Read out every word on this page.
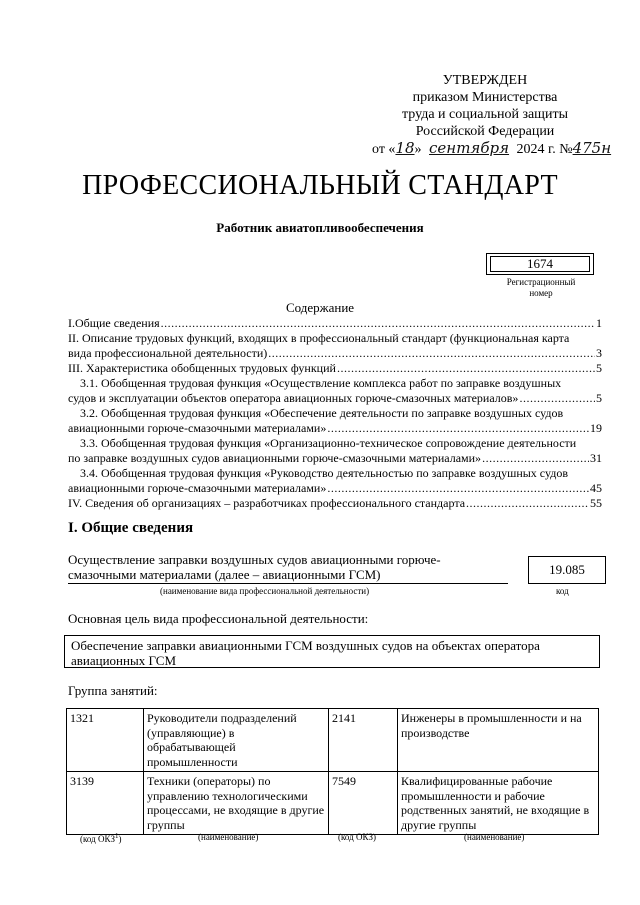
УТВЕРЖДЕН
приказом Министерства
труда и социальной защиты
Российской Федерации
от «18» сентября 2024 г. №475н
ПРОФЕССИОНАЛЬНЫЙ СТАНДАРТ
Работник авиатопливообеспечения
1674
Регистрационный
номер
Содержание
I.Общие сведения .....	1
II. Описание трудовых функций, входящих в профессиональный стандарт (функциональная карта
вида профессиональной деятельности) .....	3
III. Характеристика обобщенных трудовых функций .....	5
3.1. Обобщенная трудовая функция «Осуществление комплекса работ по заправке воздушных
судов и эксплуатации объектов оператора авиационных горюче-смазочных материалов» .....	5
3.2. Обобщенная трудовая функция «Обеспечение деятельности по заправке воздушных судов
авиационными горюче-смазочными материалами» .....	19
3.3. Обобщенная трудовая функция «Организационно-техническое сопровождение деятельности
по заправке воздушных судов авиационными горюче-смазочными материалами» .....	31
3.4. Обобщенная трудовая функция «Руководство деятельностью по заправке воздушных судов
авиационными горюче-смазочными материалами» .....	45
IV. Сведения об организациях – разработчиках профессионального стандарта .....	55
I. Общие сведения
Осуществление заправки воздушных судов авиационными горюче-
смазочными материалами (далее – авиационными ГСМ)
(наименование вида профессиональной деятельности)
19.085
код
Основная цель вида профессиональной деятельности:
Обеспечение заправки авиационными ГСМ воздушных судов на объектах оператора
авиационных ГСМ
Группа занятий:
1321	Руководители подразделений (управляющие) в обрабатывающей промышленности	2141	Инженеры в промышленности и на производстве
3139	Техники (операторы) по управлению технологическими процессами, не входящие в другие группы	7549	Квалифицированные рабочие промышленности и рабочие родственных занятий, не входящие в другие группы
(код ОКЗ$^1$)	(наименование)	(код ОКЗ)	(наименование)
